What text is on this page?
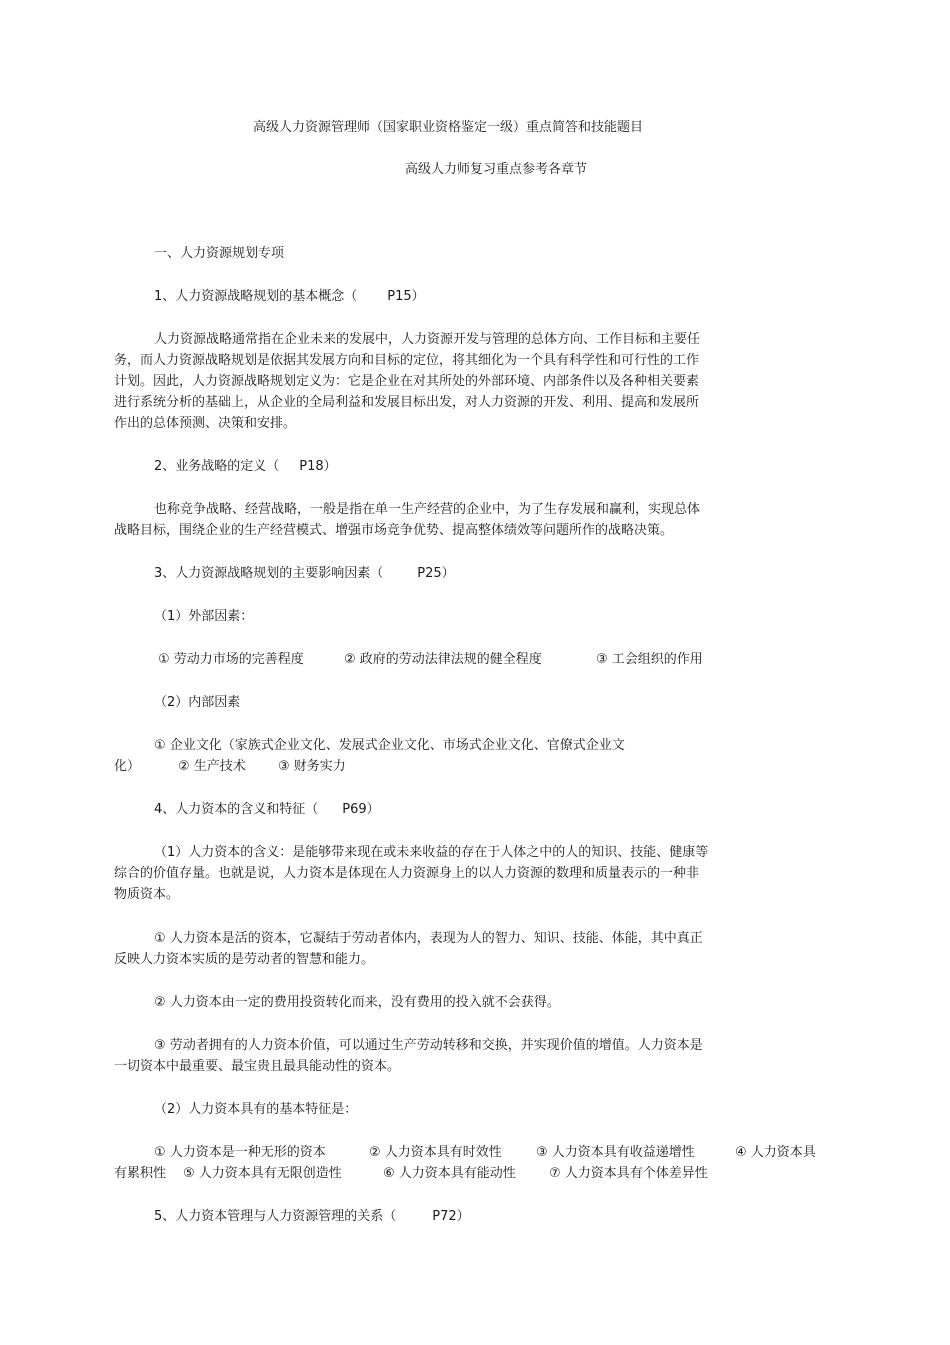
高级人力资源管理师（国家职业资格鉴定一级）重点简答和技能题目
高级人力师复习重点参考各章节
一、人力资源规划专项
1、人力资源战略规划的基本概念（ P15）
人力资源战略通常指在企业未来的发展中，人力资源开发与管理的总体方向、工作目标和主要任
务，而人力资源战略规划是依据其发展方向和目标的定位，将其细化为一个具有科学性和可行性的工作
计划。因此，人力资源战略规划定义为：它是企业在对其所处的外部环境、内部条件以及各种相关要素
进行系统分析的基础上，从企业的全局利益和发展目标出发，对人力资源的开发、利用、提高和发展所
作出的总体预测、决策和安排。
2、业务战略的定义（ P18）
也称竞争战略、经营战略，一般是指在单一生产经营的企业中，为了生存发展和赢利，实现总体
战略目标，围绕企业的生产经营模式、增强市场竞争优势、提高整体绩效等问题所作的战略决策。
3、人力资源战略规划的主要影响因素（	P25）
（1）外部因素：
① 劳动力市场的完善程度	② 政府的劳动法律法规的健全程度	③ 工会组织的作用
（2）内部因素
① 企业文化（家族式企业文化、发展式企业文化、市场式企业文化、官僚式企业文
化）	② 生产技术 ③ 财务实力
4、人力资本的含义和特征（ P69）
（1）人力资本的含义：是能够带来现在或未来收益的存在于人体之中的人的知识、技能、健康等
综合的价值存量。也就是说，人力资本是体现在人力资源身上的以人力资源的数理和质量表示的一种非
物质资本。
① 人力资本是活的资本，它凝结于劳动者体内，表现为人的智力、知识、技能、体能，其中真正
反映人力资本实质的是劳动者的智慧和能力。
② 人力资本由一定的费用投资转化而来，没有费用的投入就不会获得。
③ 劳动者拥有的人力资本价值，可以通过生产劳动转移和交换，并实现价值的增值。人力资本是
一切资本中最重要、最宝贵且最具能动性的资本。
（2）人力资本具有的基本特征是：
① 人力资本是一种无形的资本	② 人力资本具有时效性	③ 人力资本具有收益递增性	④ 人力资本具
有累积性 ⑤ 人力资本具有无限创造性	⑥ 人力资本具有能动性	⑦ 人力资本具有个体差异性
5、人力资本管理与人力资源管理的关系（	P72）
